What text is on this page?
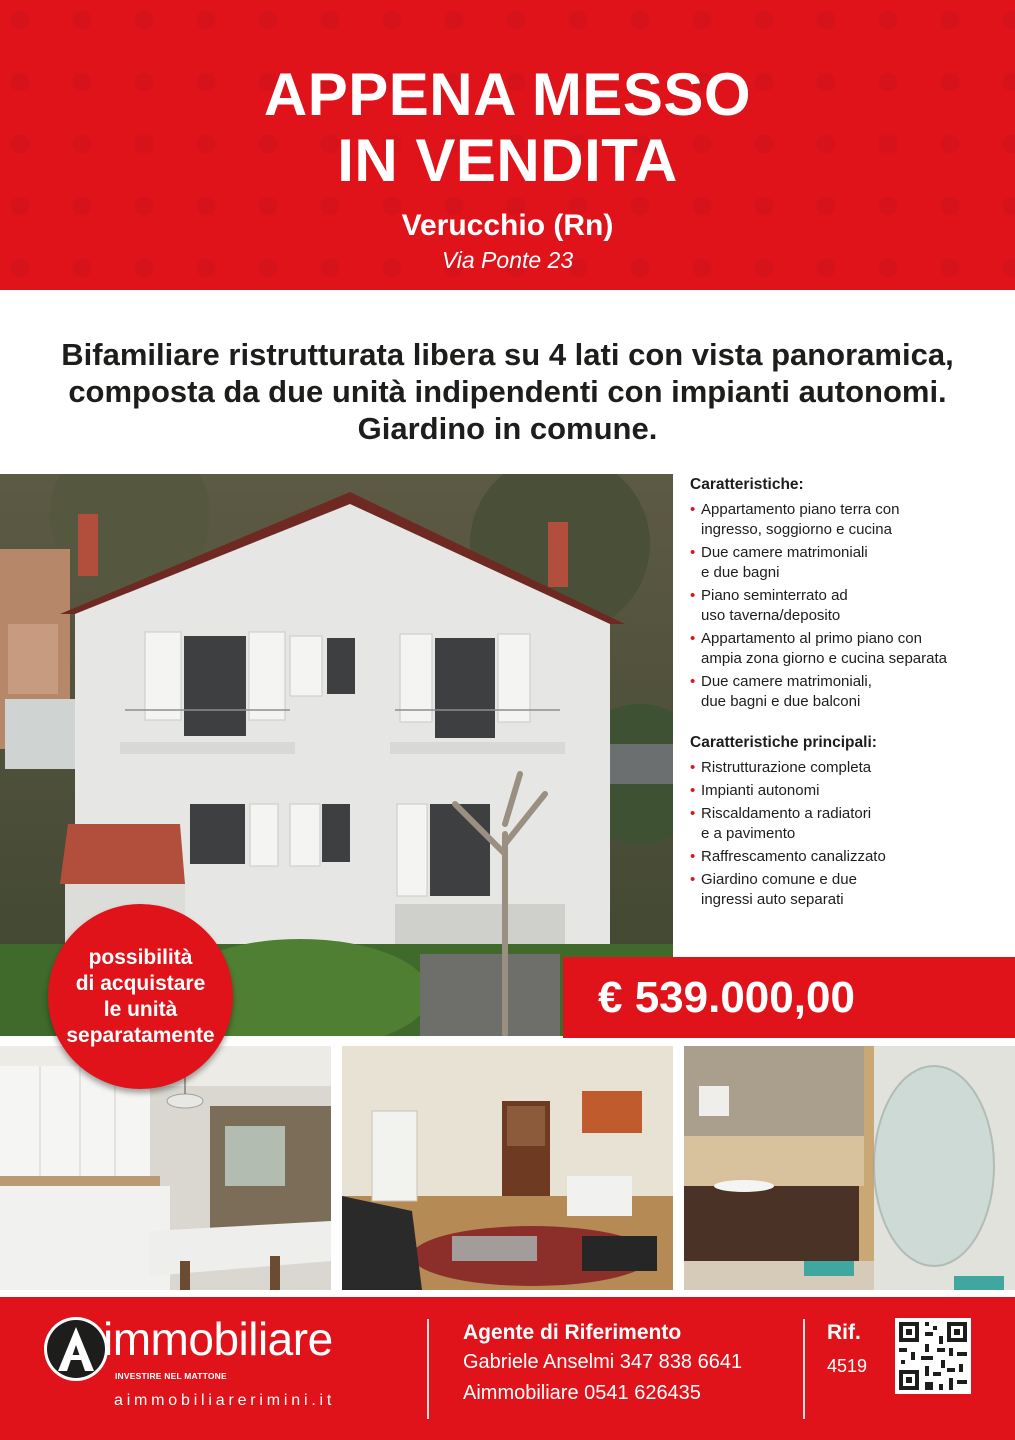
APPENA MESSO
IN VENDITA
Verucchio (Rn)
Via Ponte 23
Bifamiliare ristrutturata libera su 4 lati con vista panoramica, composta da due unità indipendenti con impianti autonomi. Giardino in comune.
Caratteristiche:
• Appartamento piano terra con
ingresso, soggiorno e cucina
• Due camere matrimoniali
e due bagni
• Piano seminterrato ad
uso taverna/deposito
• Appartamento al primo piano con
ampia zona giorno e cucina separata
• Due camere matrimoniali,
due bagni e due balconi
Caratteristiche principali:
• Ristrutturazione completa
• Impianti autonomi
• Riscaldamento a radiatori
e a pavimento
• Raffrescamento canalizzato
• Giardino comune e due
ingressi auto separati
€ 539.000,00
possibilità
di acquistare
le unità
separatamente
immobiliare
INVESTIRE NEL MATTONE
aimmobiliarerimini.it
Agente di Riferimento
Gabriele Anselmi 347 838 6641
Aimmobiliare 0541 626435
Rif.
4519
